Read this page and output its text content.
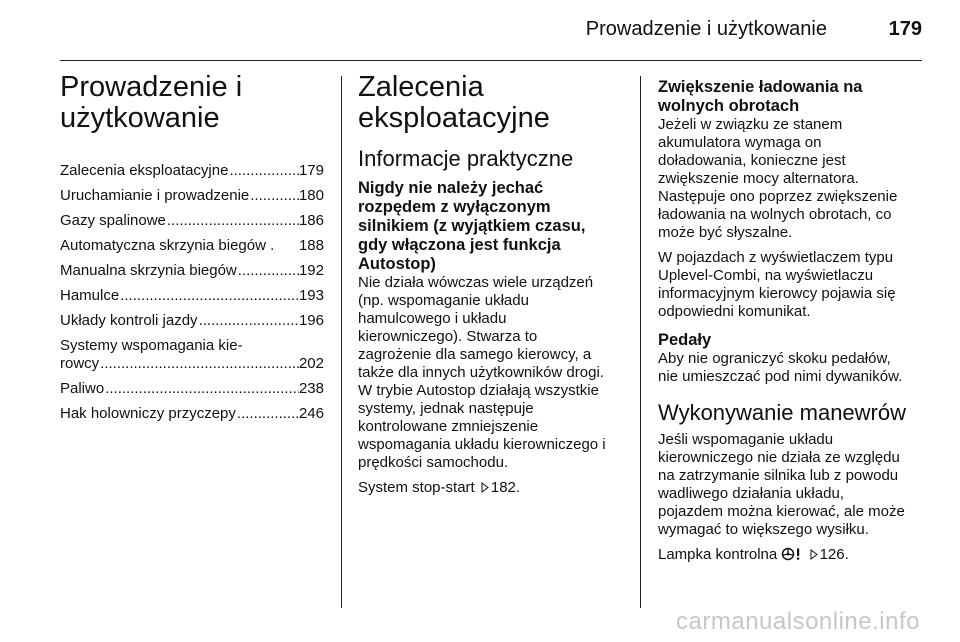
Prowadzenie i użytkowanie	179
Prowadzenie i
użytkowanie
Zalecenia eksploatacyjne .....	179
Uruchamianie i prowadzenie .....	180
Gazy spalinowe .....	186
Automatyczna skrzynia biegów . 188
Manualna skrzynia biegów .....	192
Hamulce .....	193
Układy kontroli jazdy .....	196
Systemy wspomagania kie-
rowcy .....	202
Paliwo .....	238
Hak holowniczy przyczepy .....	246
Zalecenia
eksploatacyjne
Informacje praktyczne
Nigdy nie należy jechać
rozpędem z wyłączonym
silnikiem (z wyjątkiem czasu,
gdy włączona jest funkcja
Autostop)

Nie działa wówczas wiele urządzeń
(np. wspomaganie układu
hamulcowego i układu
kierowniczego). Stwarza to
zagrożenie dla samego kierowcy, a
także dla innych użytkowników drogi.
W trybie Autostop działają wszystkie
systemy, jednak następuje
kontrolowane zmniejszenie
wspomagania układu kierowniczego i
prędkości samochodu.

System stop-start 182.

Zwiększenie ładowania na
wolnych obrotach

Jeżeli w związku ze stanem
akumulatora wymaga on
doładowania, konieczne jest
zwiększenie mocy alternatora.
Następuje ono poprzez zwiększenie
ładowania na wolnych obrotach, co
może być słyszalne.

W pojazdach z wyświetlaczem typu
Uplevel-Combi, na wyświetlaczu
informacyjnym kierowcy pojawia się
odpowiedni komunikat.

Pedały

Aby nie ograniczyć skoku pedałów,
nie umieszczać pod nimi dywaników.

Wykonywanie manewrów

Jeśli wspomaganie układu
kierowniczego nie działa ze względu
na zatrzymanie silnika lub z powodu
wadliwego działania układu,
pojazdem można kierować, ale może
wymagać to większego wysiłku.

Lampka kontrolna	126.

carmanualsonline.info
